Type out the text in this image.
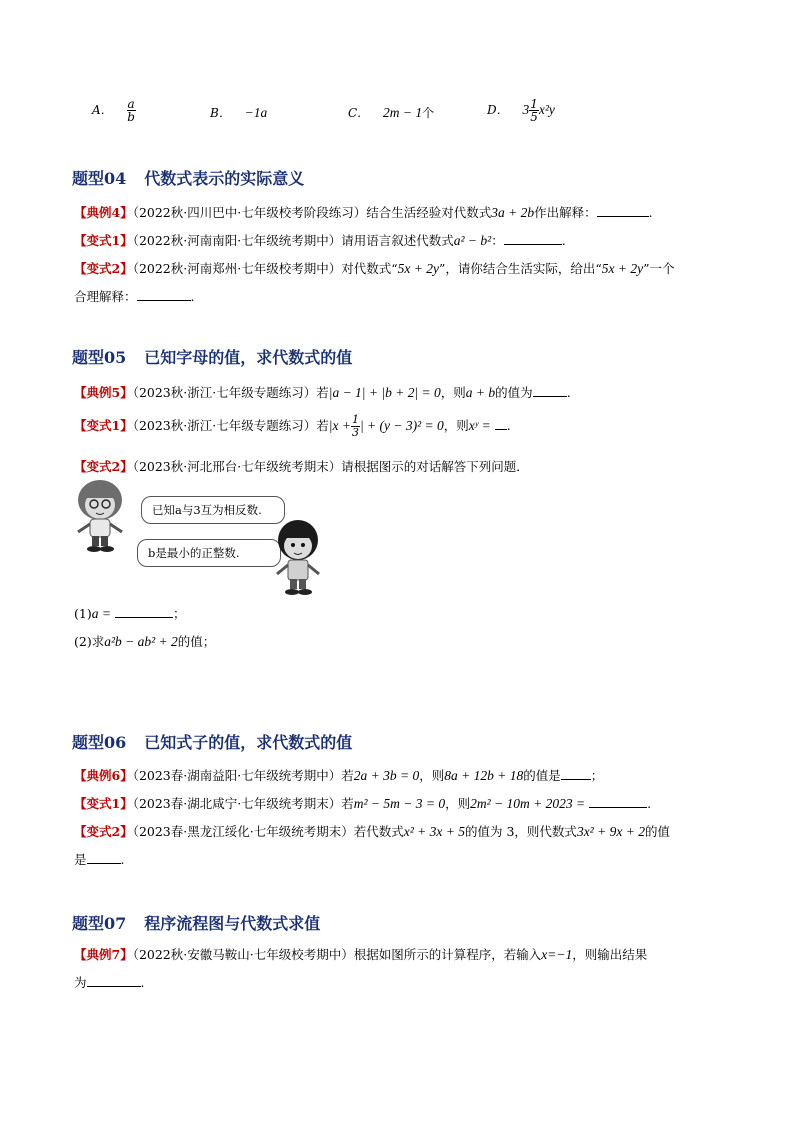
A． $\frac{a}{b}$	B． −1a	C． 2m − 1个	D． $3 \frac{1}{5} x^2y$
题型04 代数式表示的实际意义
【典例4】（2022秋·四川巴中·七年级校考阶段练习）结合生活经验对代数式3a + 2b作出解释：	.
【变式1】（2022秋·河南南阳·七年级统考期中）请用语言叙述代数式a² − b²：	.
【变式2】（2022秋·河南郑州·七年级校考期中）对代数式“5x + 2y”，请你结合生活实际，给出“5x + 2y”一个
合理解释：	.
题型05 已知字母的值，求代数式的值
【典例5】（2023秋·浙江·七年级专题练习）若|a − 1| + |b + 2| = 0，则a + b的值为	.
【变式1】（2023秋·浙江·七年级专题练习）若$|x + \frac{1}{3}$ | + (y − 3)² = 0，则xʸ = .
【变式2】（2023秋·河北邢台·七年级统考期末）请根据图示的对话解答下列问题．
已知a与3互为相反数.
b是最小的正整数.
(1)a =	；
(2)求a²b − ab² + 2的值；
题型06 已知式子的值，求代数式的值
【典例6】（2023春·湖南益阳·七年级统考期中）若2a + 3b = 0，则8a + 12b + 18的值是 ；
【变式1】（2023春·湖北咸宁·七年级统考期末）若m² − 5m − 3 = 0，则2m² − 10m + 2023 =	.
【变式2】（2023春·黑龙江绥化·七年级统考期末）若代数式x² + 3x + 5的值为 3，则代数式3x² + 9x + 2的值
是	.
题型07 程序流程图与代数式求值
【典例7】（2022秋·安徽马鞍山·七年级校考期中）根据如图所示的计算程序，若输入x=−1，则输出结果
为	.
